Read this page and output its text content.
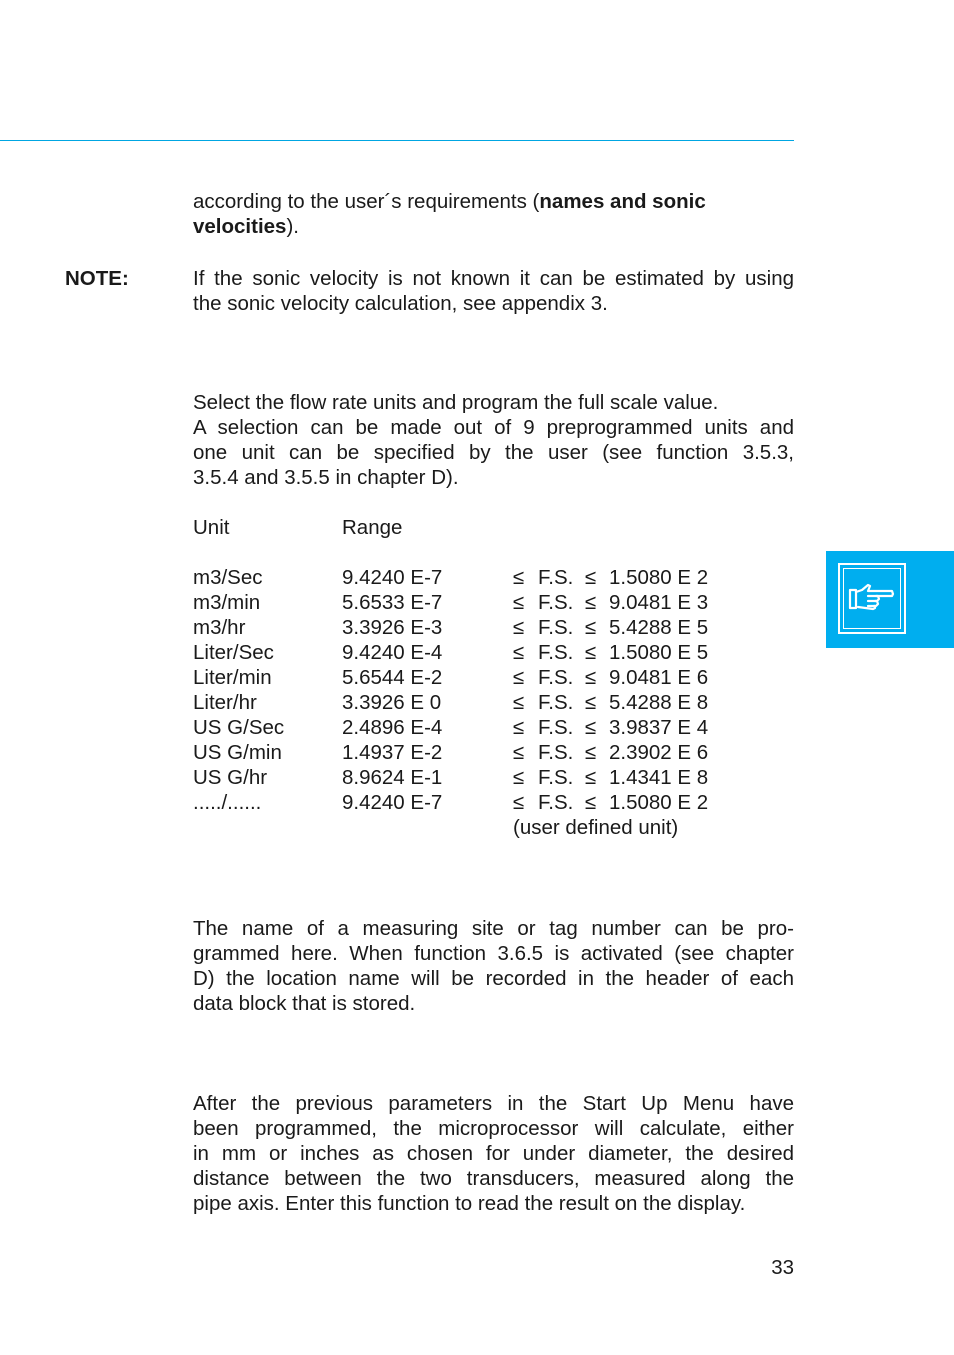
according to the user´s requirements (names and sonic velocities).

NOTE:	If the sonic velocity is not known it can be estimated by using
the sonic velocity calculation, see appendix 3.

Select the flow rate units and program the full scale value.
A selection can be made out of 9 preprogrammed units and
one unit can be specified by the user (see function 3.5.3,
3.5.4 and 3.5.5 in chapter D).

Unit	Range
m3/Sec	9.4240 E-7	≤ F.S. ≤ 1.5080 E 2
m3/min	5.6533 E-7	≤ F.S. ≤ 9.0481 E 3
m3/hr	3.3926 E-3	≤ F.S. ≤ 5.4288 E 5
Liter/Sec	9.4240 E-4	≤ F.S. ≤ 1.5080 E 5
Liter/min	5.6544 E-2	≤ F.S. ≤ 9.0481 E 6
Liter/hr	3.3926 E 0	≤ F.S. ≤ 5.4288 E 8
US G/Sec	2.4896 E-4	≤ F.S. ≤ 3.9837 E 4
US G/min	1.4937 E-2	≤ F.S. ≤ 2.3902 E 6
US G/hr	8.9624 E-1	≤ F.S. ≤ 1.4341 E 8
...../......	9.4240 E-7	≤ F.S. ≤ 1.5080 E 2
(user defined unit)

The name of a measuring site or tag number can be pro-
grammed here. When function 3.6.5 is activated (see chapter
D) the location name will be recorded in the header of each
data block that is stored.

After the previous parameters in the Start Up Menu have
been programmed, the microprocessor will calculate, either
in mm or inches as chosen for under diameter, the desired
distance between the two transducers, measured along the
pipe axis. Enter this function to read the result on the display.

33
